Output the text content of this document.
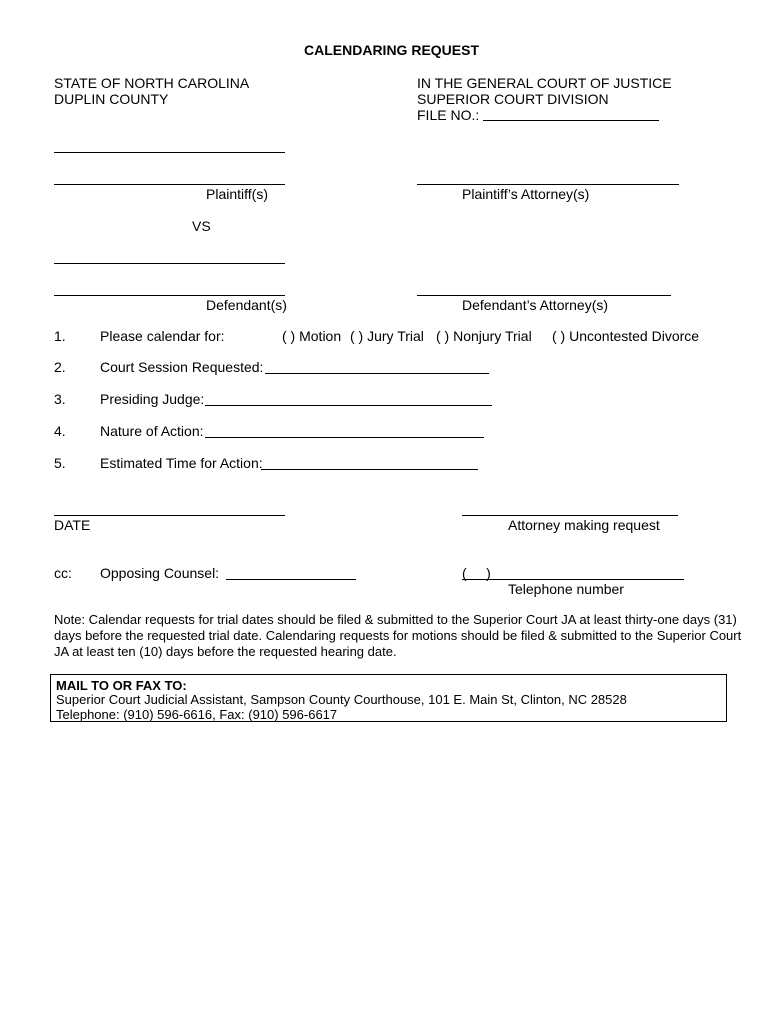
CALENDARING REQUEST
STATE OF NORTH CAROLINA
DUPLIN COUNTY
IN THE GENERAL COURT OF JUSTICE
SUPERIOR COURT DIVISION
FILE NO.:
Plaintiff(s)	Plaintiff’s Attorney(s)
VS
Defendant(s)	Defendant’s Attorney(s)
1. Please calendar for:	( ) Motion ( ) Jury Trial ( ) Nonjury Trial ( ) Uncontested Divorce
2. Court Session Requested:
3. Presiding Judge:
4. Nature of Action:
5. Estimated Time for Action:
DATE	Attorney making request
cc: Opposing Counsel:	(     )
Telephone number
Note: Calendar requests for trial dates should be filed & submitted to the Superior Court JA at least thirty-one days (31)
days before the requested trial date. Calendaring requests for motions should be filed & submitted to the Superior Court
JA at least ten (10) days before the requested hearing date.
MAIL TO OR FAX TO:
Superior Court Judicial Assistant, Sampson County Courthouse, 101 E. Main St, Clinton, NC 28528
Telephone: (910) 596-6616, Fax: (910) 596-6617
